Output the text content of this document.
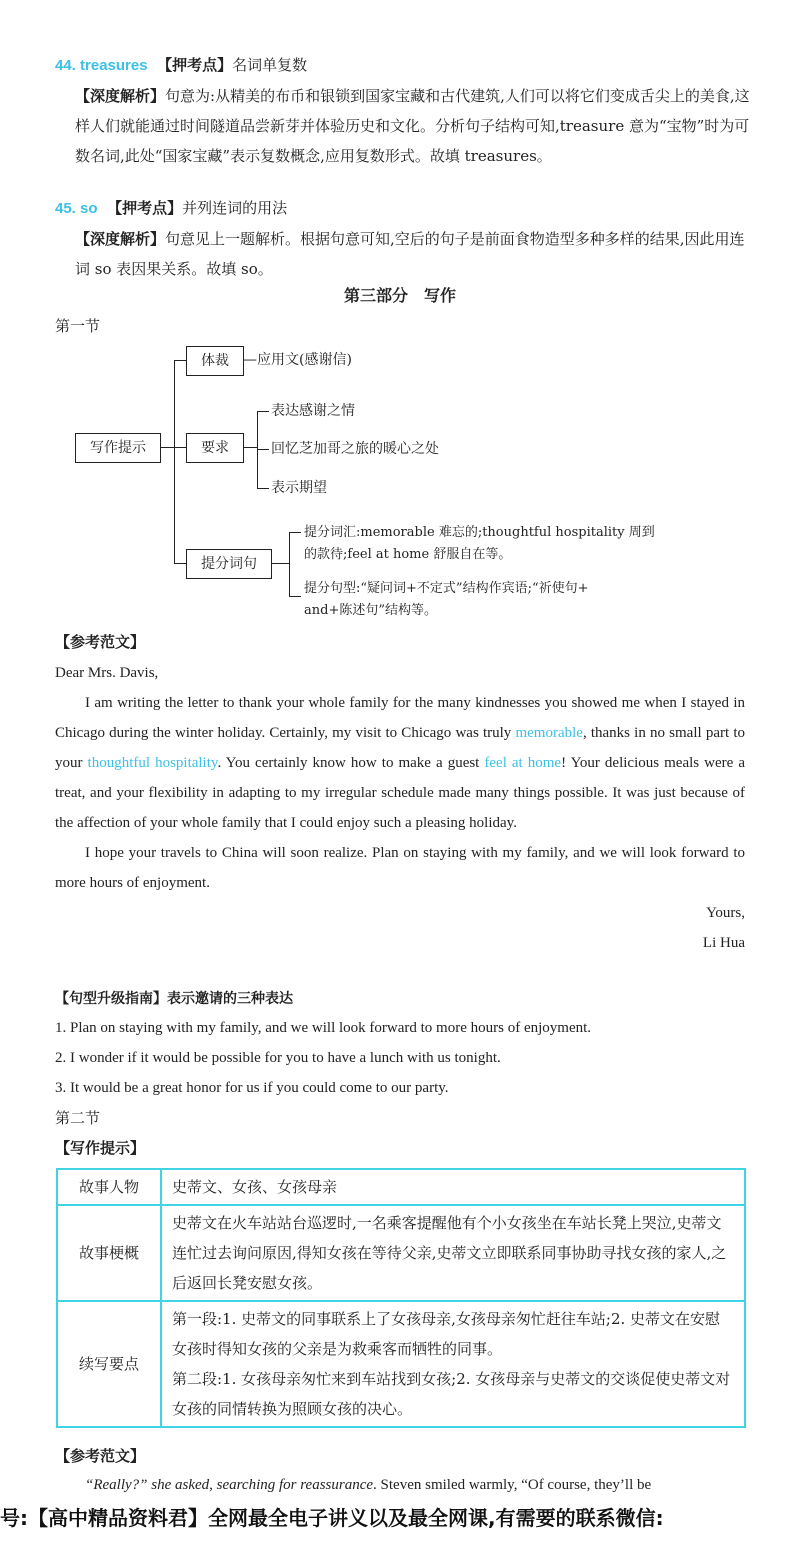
44. treasures 【押考点】名词单复数
【深度解析】句意为:从精美的布币和银锁到国家宝藏和古代建筑,人们可以将它们变成舌尖上的美食,这样人们就能通过时间隧道品尝新芽并体验历史和文化。分析句子结构可知,treasure 意为“宝物”时为可数名词,此处“国家宝藏”表示复数概念,应用复数形式。故填 treasures。
45. so 【押考点】并列连词的用法
【深度解析】句意见上一题解析。根据句意可知,空后的句子是前面食物造型多种多样的结果,因此用连词 so 表因果关系。故填 so。
第三部分　写作
第一节
写作提示
体裁	—应用文(感谢信)
要求
表达感谢之情
回忆芝加哥之旅的暖心之处
表示期望
提分词句
提分词汇:memorable 难忘的;thoughtful hospitality 周到
的款待;feel at home 舒服自在等。
提分句型:“疑问词+不定式”结构作宾语;“祈使句+
and+陈述句”结构等。
【参考范文】
Dear Mrs. Davis,
I am writing the letter to thank your whole family for the many kindnesses you showed me when I stayed in Chicago during the winter holiday. Certainly, my visit to Chicago was truly memorable, thanks in no small part to your thoughtful hospitality. You certainly know how to make a guest feel at home! Your delicious meals were a treat, and your flexibility in adapting to my irregular schedule made many things possible. It was just because of the affection of your whole family that I could enjoy such a pleasing holiday.
I hope your travels to China will soon realize. Plan on staying with my family, and we will look forward to more hours of enjoyment.
Yours,
Li Hua
【句型升级指南】表示邀请的三种表达
1. Plan on staying with my family, and we will look forward to more hours of enjoyment.
2. I wonder if it would be possible for you to have a lunch with us tonight.
3. It would be a great honor for us if you could come to our party.
第二节
【写作提示】
故事人物	史蒂文、女孩、女孩母亲
故事梗概	史蒂文在火车站站台巡逻时,一名乘客提醒他有个小女孩坐在车站长凳上哭泣,史蒂文连忙过去询问原因,得知女孩在等待父亲,史蒂文立即联系同事协助寻找女孩的家人,之后返回长凳安慰女孩。
续写要点	第一段:1. 史蒂文的同事联系上了女孩母亲,女孩母亲匆忙赶往车站;2. 史蒂文在安慰女孩时得知女孩的父亲是为救乘客而牺牲的同事。
第二段:1. 女孩母亲匆忙来到车站找到女孩;2. 女孩母亲与史蒂文的交谈促使史蒂文对女孩的同情转换为照顾女孩的决心。
【参考范文】
“Really?” she asked, searching for reassurance. Steven smiled warmly, “Of course, they’ll be
号:【高中精品资料君】全网最全电子讲义以及最全网课,有需要的联系微信:
